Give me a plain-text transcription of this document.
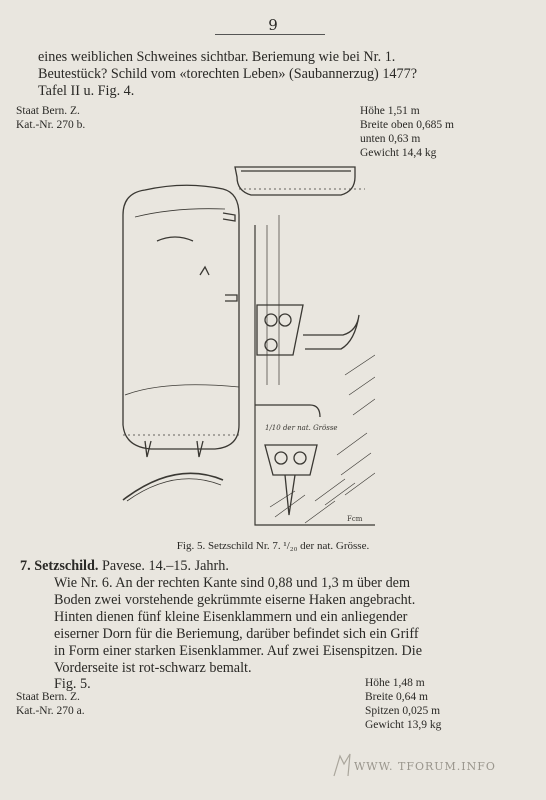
9
eines weiblichen Schweines sichtbar. Beriemung wie bei Nr. 1.
Beutestück? Schild vom «torechten Leben» (Saubannerzug) 1477?
Tafel II u. Fig. 4.
Staat Bern. Z.
Kat.-Nr. 270 b.
Höhe 1,51 m
Breite oben 0,685 m
unten 0,63 m
Gewicht 14,4 kg
1/10 der nat. Grösse
Fcm
Fig. 5. Setzschild Nr. 7. ¹/₂₀ der nat. Grösse.
7. Setzschild. Pavese. 14.–15. Jahrh.
Wie Nr. 6. An der rechten Kante sind 0,88 und 1,3 m über dem
Boden zwei vorstehende gekrümmte eiserne Haken angebracht.
Hinten dienen fünf kleine Eisenklammern und ein anliegender
eiserner Dorn für die Beriemung, darüber befindet sich ein Griff
in Form einer starken Eisenklammer. Auf zwei Eisenspitzen. Die
Vorderseite ist rot-schwarz bemalt.
Fig. 5.
Staat Bern. Z.
Kat.-Nr. 270 a.
Höhe 1,48 m
Breite 0,64 m
Spitzen 0,025 m
Gewicht 13,9 kg
WWW. TFORUM.INFO
